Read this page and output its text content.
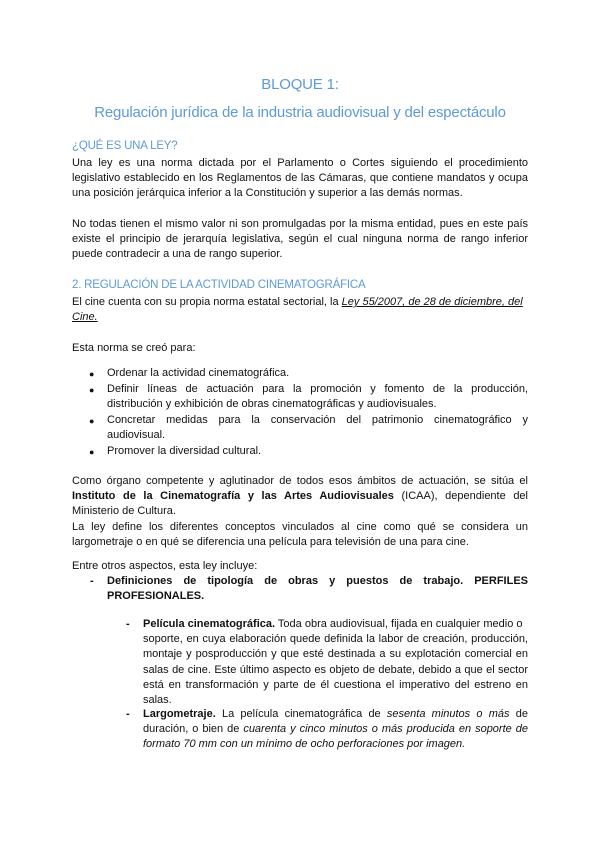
BLOQUE 1:
Regulación jurídica de la industria audiovisual y del espectáculo
¿QUÉ ES UNA LEY?
Una ley es una norma dictada por el Parlamento o Cortes siguiendo el procedimiento
legislativo establecido en los Reglamentos de las Cámaras, que contiene mandatos y ocupa
una posición jerárquica inferior a la Constitución y superior a las demás normas.
No todas tienen el mismo valor ni son promulgadas por la misma entidad, pues en este país
existe el principio de jerarquía legislativa, según el cual ninguna norma de rango inferior
puede contradecir a una de rango superior.
2. REGULACIÓN DE LA ACTIVIDAD CINEMATOGRÁFICA
El cine cuenta con su propia norma estatal sectorial, la Ley 55/2007, de 28 de diciembre, del
Cine.
Esta norma se creó para:
● Ordenar la actividad cinematográfica.
● Definir líneas de actuación para la promoción y fomento de la producción,
distribución y exhibición de obras cinematográficas y audiovisuales.
● Concretar medidas para la conservación del patrimonio cinematográfico y
audiovisual.
● Promover la diversidad cultural.
Como órgano competente y aglutinador de todos esos ámbitos de actuación, se sitúa el
Instituto de la Cinematografía y las Artes Audiovisuales (ICAA), dependiente del
Ministerio de Cultura.
La ley define los diferentes conceptos vinculados al cine como qué se considera un
largometraje o en qué se diferencia una película para televisión de una para cine.
Entre otros aspectos, esta ley incluye:
- Definiciones de tipología de obras y puestos de trabajo. PERFILES
PROFESIONALES.
- Película cinematográfica. Toda obra audiovisual, fijada en cualquier medio o
soporte, en cuya elaboración quede definida la labor de creación, producción,
montaje y posproducción y que esté destinada a su explotación comercial en
salas de cine. Este último aspecto es objeto de debate, debido a que el sector
está en transformación y parte de él cuestiona el imperativo del estreno en
salas.
- Largometraje. La película cinematográfica de sesenta minutos o más de
duración, o bien de cuarenta y cinco minutos o más producida en soporte de
formato 70 mm con un mínimo de ocho perforaciones por imagen.
